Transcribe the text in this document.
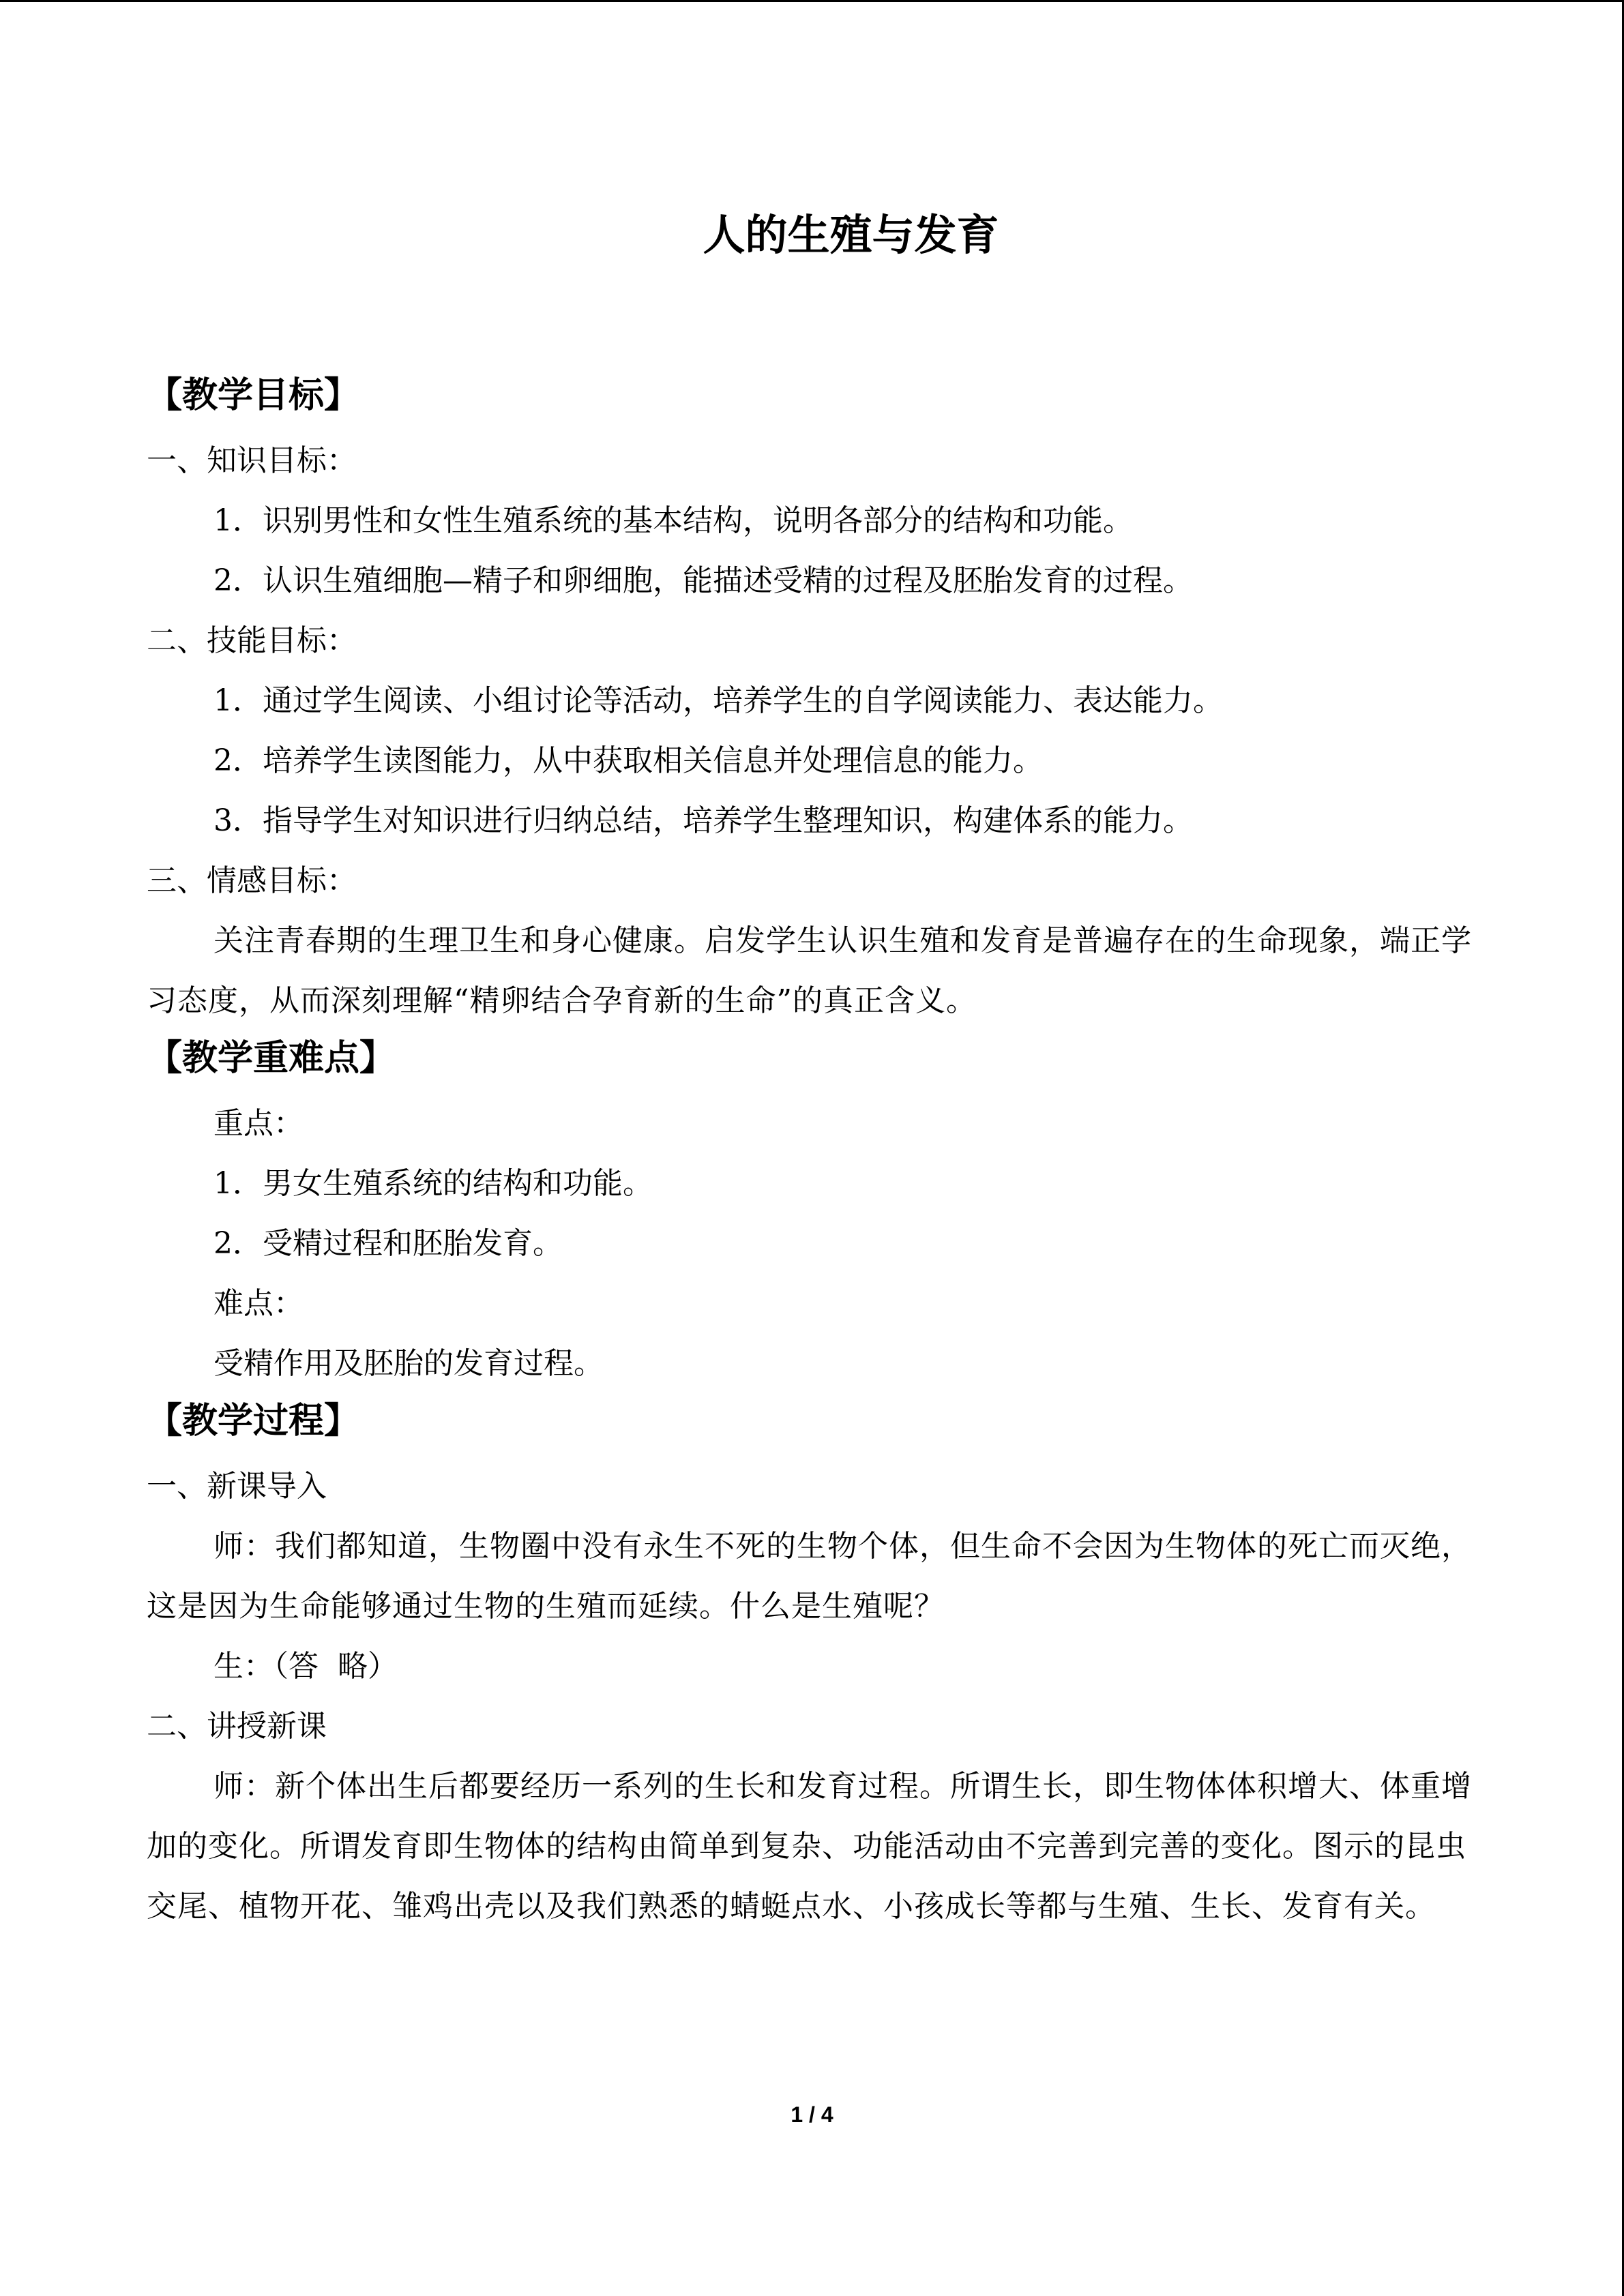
人的生殖与发育
【教学目标】

一、知识目标：

1．识别男性和女性生殖系统的基本结构，说明各部分的结构和功能。

2．认识生殖细胞—精子和卵细胞，能描述受精的过程及胚胎发育的过程。

二、技能目标：

1．通过学生阅读、小组讨论等活动，培养学生的自学阅读能力、表达能力。

2．培养学生读图能力，从中获取相关信息并处理信息的能力。

3．指导学生对知识进行归纳总结，培养学生整理知识，构建体系的能力。

三、情感目标：

关注青春期的生理卫生和身心健康。启发学生认识生殖和发育是普遍存在的生命现象，端正学习态度，从而深刻理解“精卵结合孕育新的生命”的真正含义。

【教学重难点】

重点：

1．男女生殖系统的结构和功能。

2．受精过程和胚胎发育。

难点：

受精作用及胚胎的发育过程。

【教学过程】

一、新课导入

师：我们都知道，生物圈中没有永生不死的生物个体，但生命不会因为生物体的死亡而灭绝，这是因为生命能够通过生物的生殖而延续。什么是生殖呢？

生：（答  略）

二、讲授新课

师：新个体出生后都要经历一系列的生长和发育过程。所谓生长，即生物体体积增大、体重增加的变化。所谓发育即生物体的结构由简单到复杂、功能活动由不完善到完善的变化。图示的昆虫交尾、植物开花、雏鸡出壳以及我们熟悉的蜻蜓点水、小孩成长等都与生殖、生长、发育有关。

1 / 4
